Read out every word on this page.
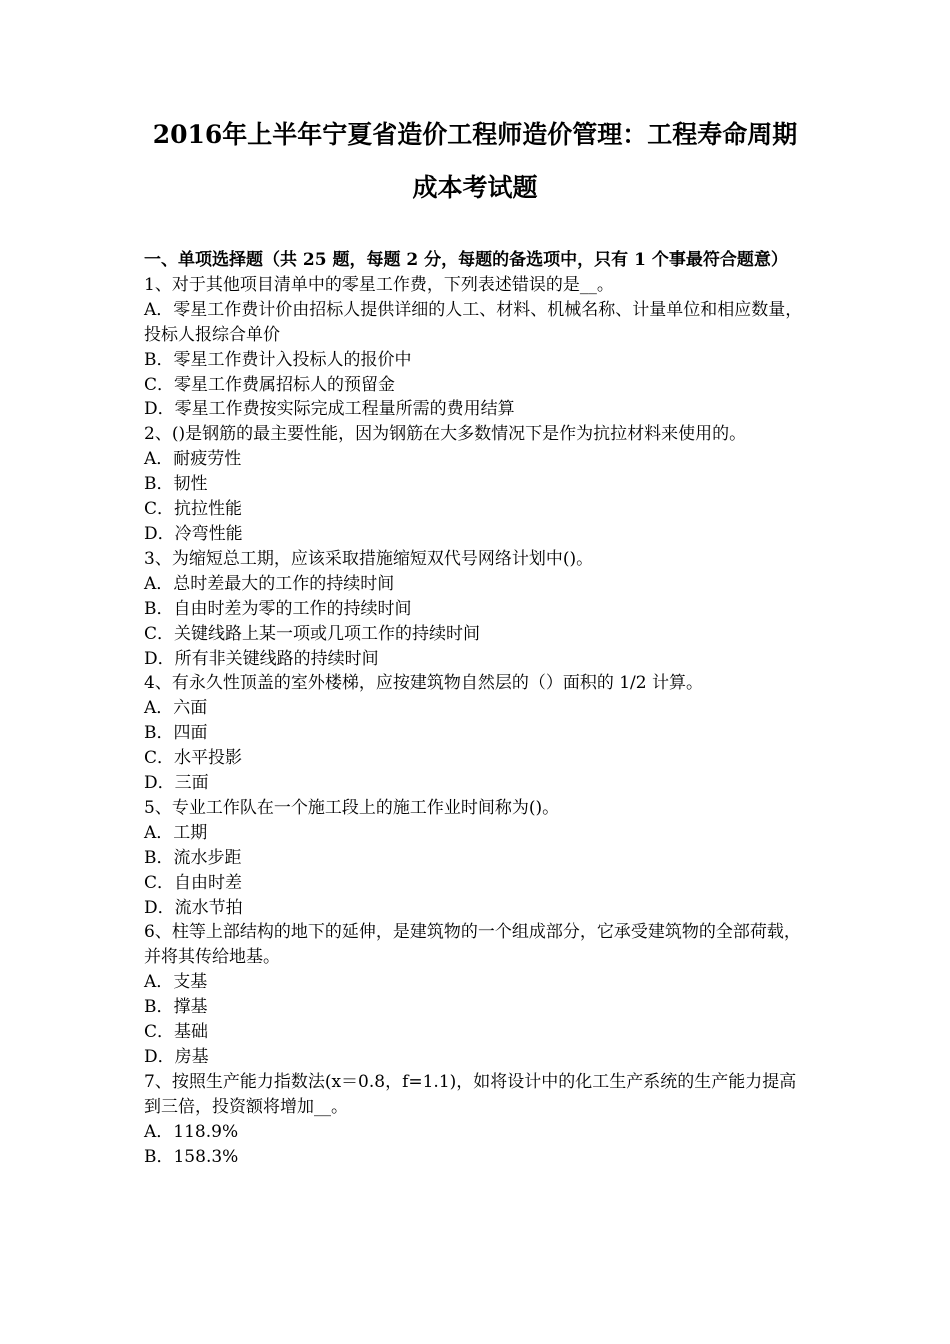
2016年上半年宁夏省造价工程师造价管理：工程寿命周期
成本考试题

一、单项选择题（共 25 题，每题 2 分，每题的备选项中，只有 1 个事最符合题意）

1、对于其他项目清单中的零星工作费，下列表述错误的是__。

A．零星工作费计价由招标人提供详细的人工、材料、机械名称、计量单位和相应数量，投标人报综合单价

B．零星工作费计入投标人的报价中

C．零星工作费属招标人的预留金

D．零星工作费按实际完成工程量所需的费用结算

2、()是钢筋的最主要性能，因为钢筋在大多数情况下是作为抗拉材料来使用的。

A．耐疲劳性

B．韧性

C．抗拉性能

D．冷弯性能

3、为缩短总工期，应该采取措施缩短双代号网络计划中()。

A．总时差最大的工作的持续时间

B．自由时差为零的工作的持续时间

C．关键线路上某一项或几项工作的持续时间

D．所有非关键线路的持续时间

4、有永久性顶盖的室外楼梯，应按建筑物自然层的（）面积的 1/2 计算。

A．六面

B．四面

C．水平投影

D．三面

5、专业工作队在一个施工段上的施工作业时间称为()。

A．工期

B．流水步距

C．自由时差

D．流水节拍

6、柱等上部结构的地下的延伸，是建筑物的一个组成部分，它承受建筑物的全部荷载，并将其传给地基。

A．支基

B．撑基

C．基础

D．房基

7、按照生产能力指数法(x＝0.8，f=1.1)，如将设计中的化工生产系统的生产能力提高到三倍，投资额将增加__。

A．118.9%

B．158.3%
